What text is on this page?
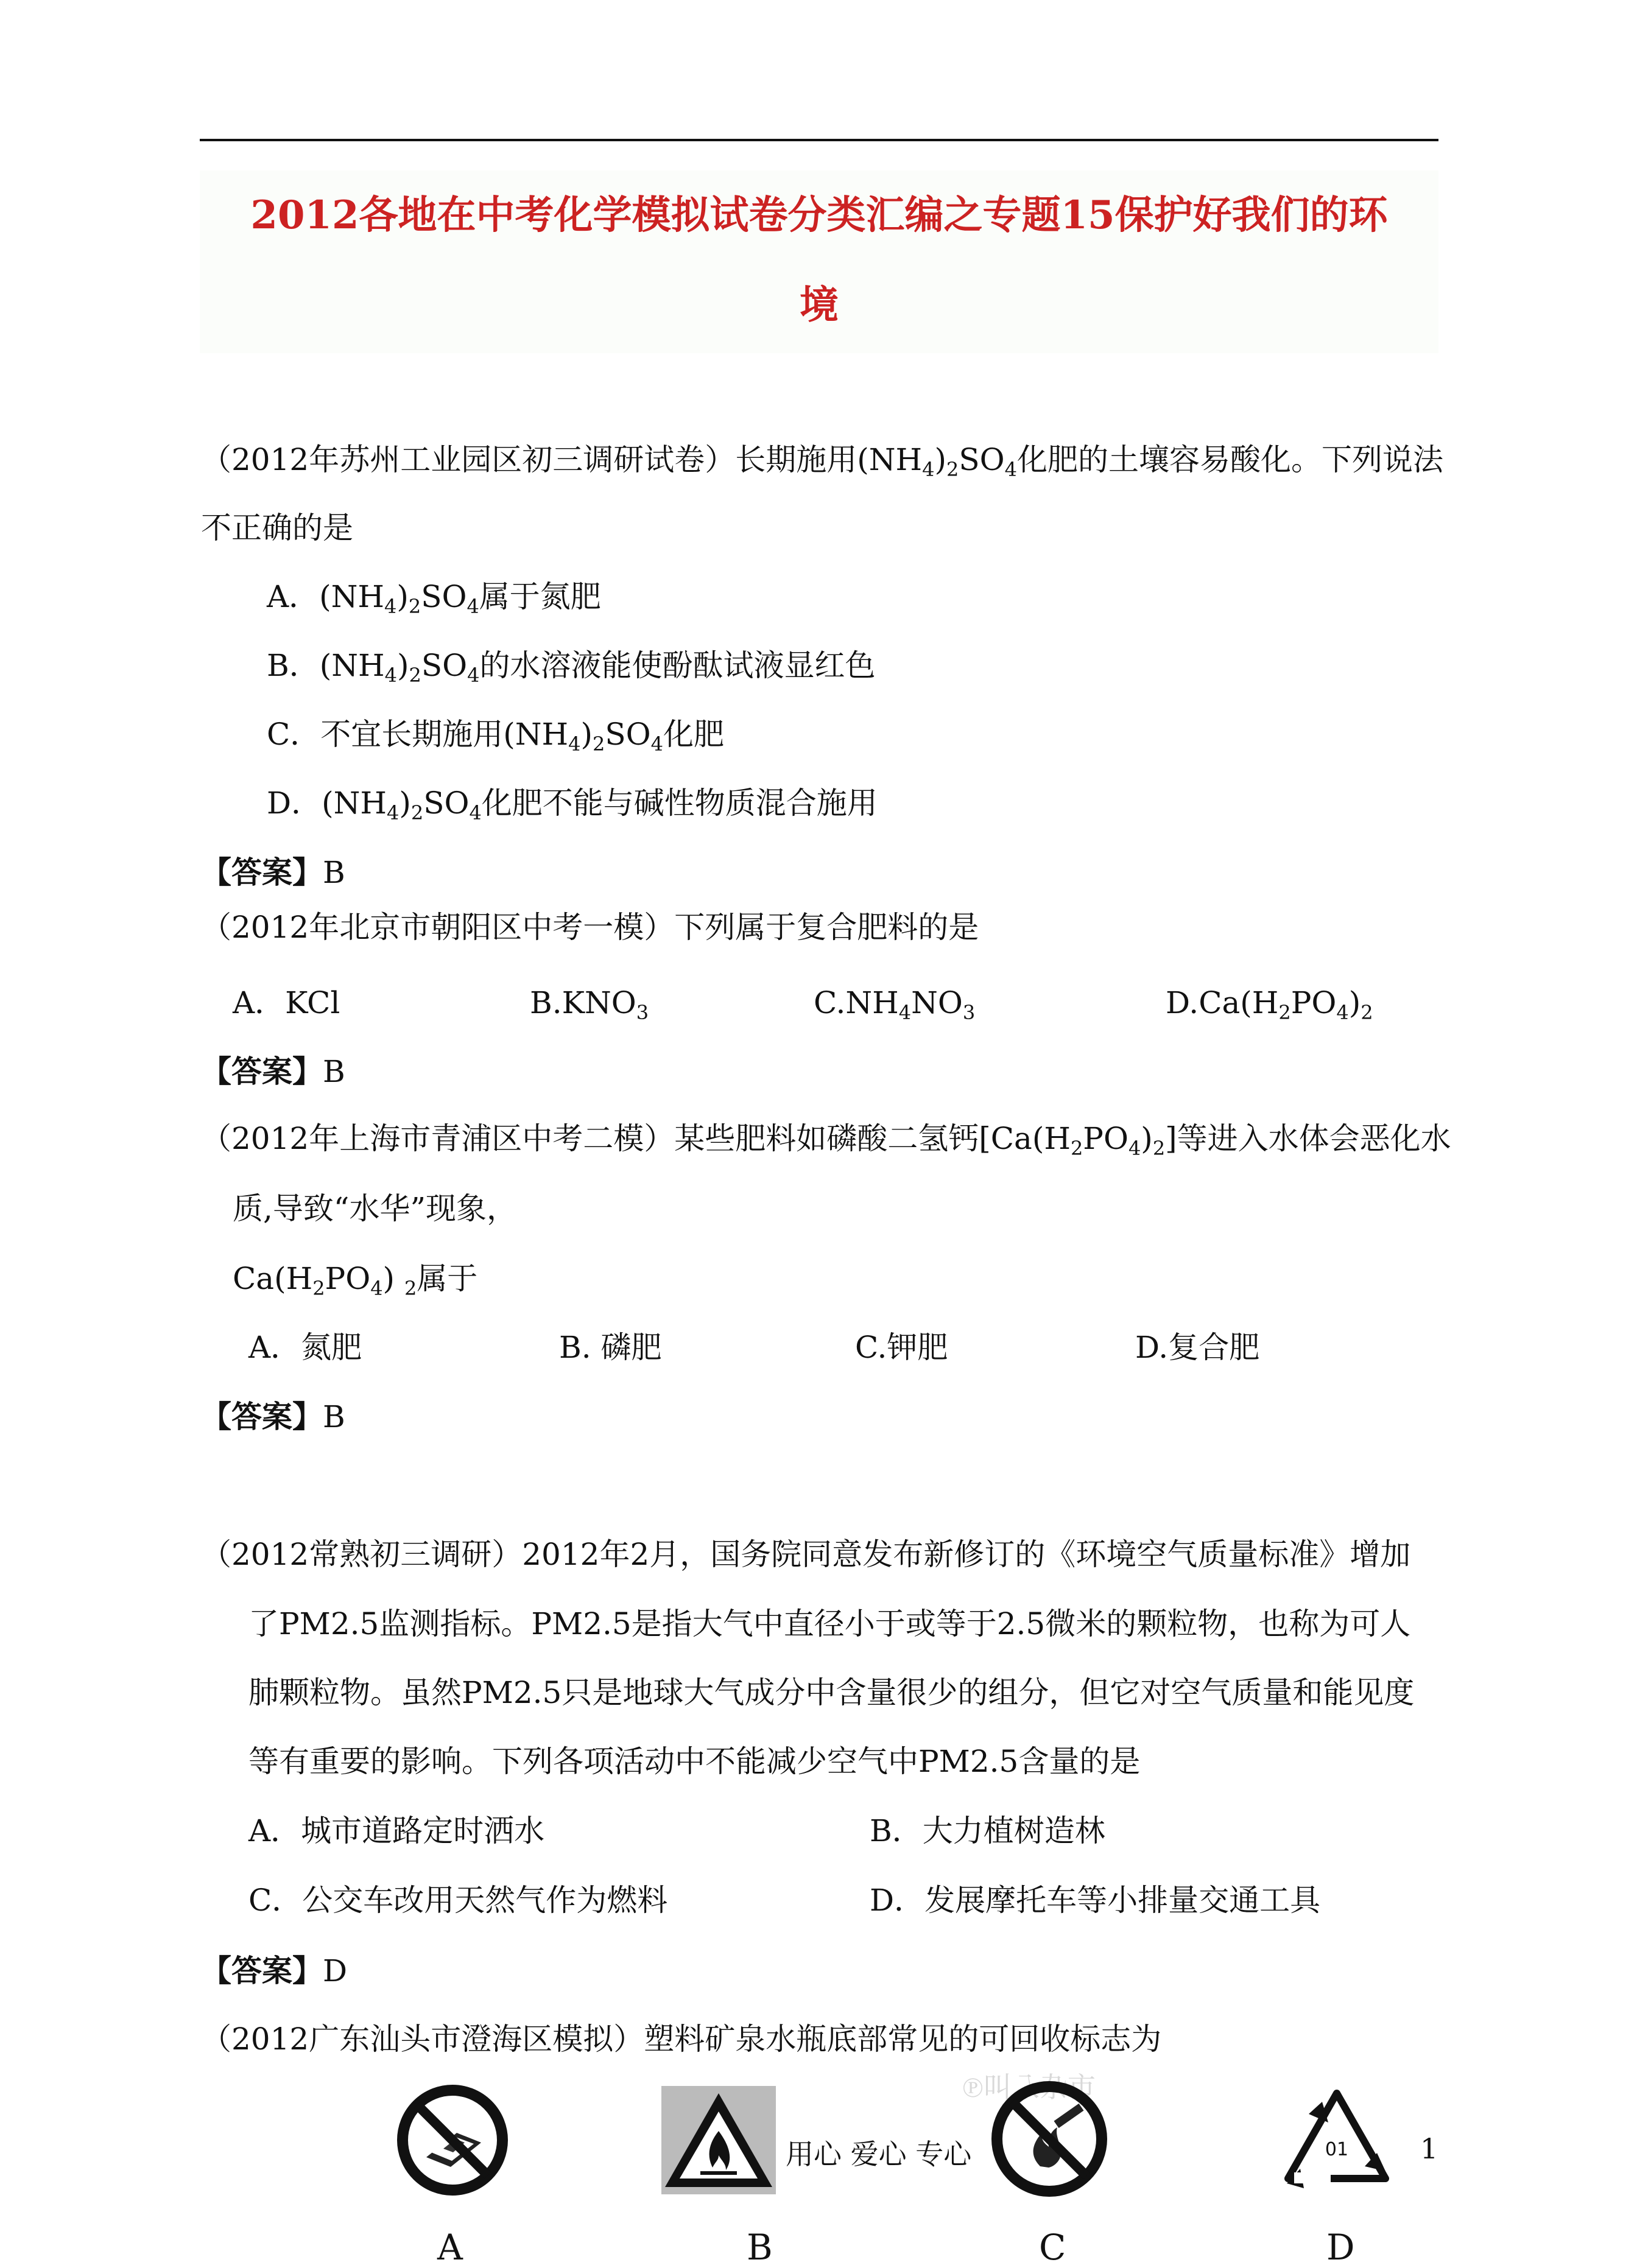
2012各地在中考化学模拟试卷分类汇编之专题15保护好我们的环
境
（2012年苏州工业园区初三调研试卷）长期施用$(NH_4)_2SO_4$化肥的土壤容易酸化。下列说法
不正确的是
A．$(NH_4)_2SO_4$属于氮肥
B．$(NH_4)_2SO_4$的水溶液能使酚酞试液显红色
C．不宜长期施用$(NH_4)_2SO_4$化肥
D．$(NH_4)_2SO_4$化肥不能与碱性物质混合施用
【答案】B
（2012年北京市朝阳区中考一模）下列属于复合肥料的是
A．KCl	$B.KNO_3$	$C.NH_4NO_3$	$D.Ca(H_2PO_4)_2$
【答案】B
（2012年上海市青浦区中考二模）某些肥料如磷酸二氢钙$[Ca(H_2PO_4)_2]$等进入水体会恶化水
质,导致“水华”现象，
$Ca(H_2PO_4)$ $_2$属于
A．氮肥	B. 磷肥	C.钾肥	D.复合肥
【答案】B
（2012常熟初三调研）2012年2月，国务院同意发布新修订的《环境空气质量标准》增加
了PM2.5监测指标。PM2.5是指大气中直径小于或等于2.5微米的颗粒物，也称为可人
肺颗粒物。虽然PM2.5只是地球大气成分中含量很少的组分，但它对空气质量和能见度
等有重要的影响。下列各项活动中不能减少空气中PM2.5含量的是
A．城市道路定时洒水	B．大力植树造林
C．公交车改用天然气作为燃料	D．发展摩托车等小排量交通工具
【答案】D
（2012广东汕头市澄海区模拟）塑料矿泉水瓶底部常见的可回收标志为
℗叫乁杂市
01
用心 爱心 专心	1
A	B	C	D
